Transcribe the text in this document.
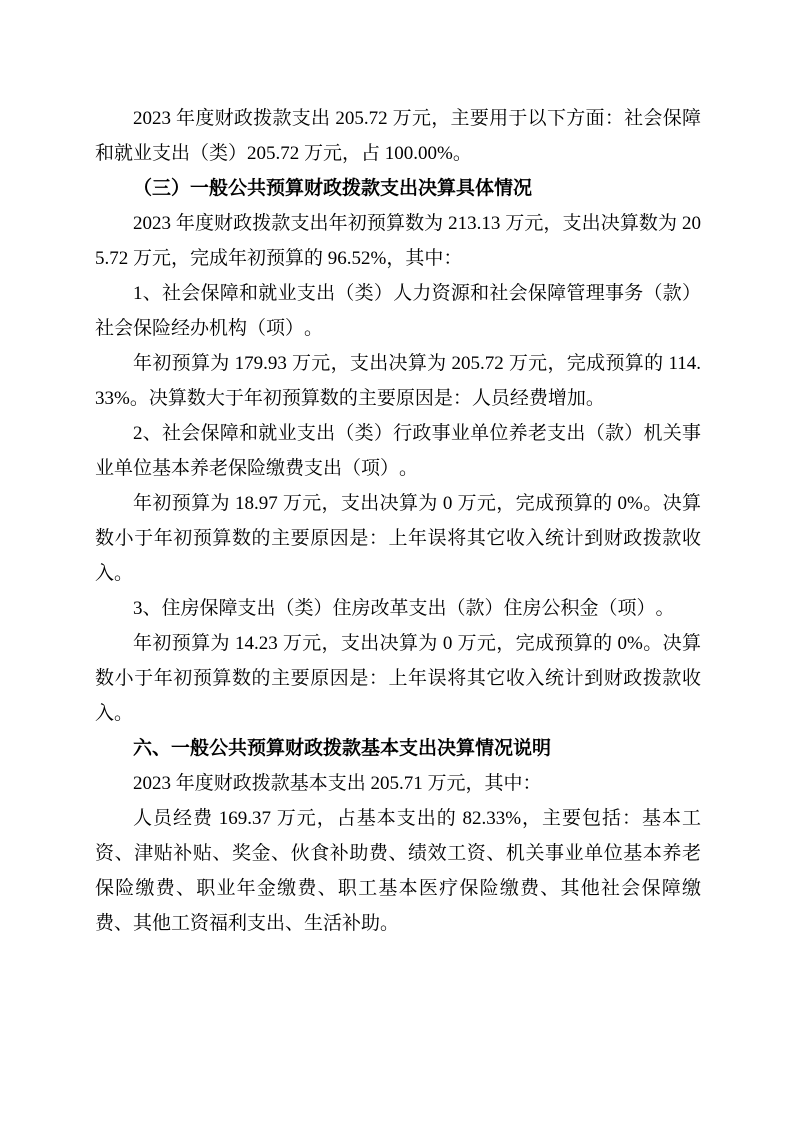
2023 年度财政拨款支出 205.72 万元，主要用于以下方面：社会保障和就业支出（类）205.72 万元，占 100.00%。

（三）一般公共预算财政拨款支出决算具体情况

2023 年度财政拨款支出年初预算数为 213.13 万元，支出决算数为 205.72 万元，完成年初预算的 96.52%，其中：

1、社会保障和就业支出（类）人力资源和社会保障管理事务（款）社会保险经办机构（项）。

年初预算为 179.93 万元，支出决算为 205.72 万元，完成预算的 114.33%。决算数大于年初预算数的主要原因是：人员经费增加。

2、社会保障和就业支出（类）行政事业单位养老支出（款）机关事业单位基本养老保险缴费支出（项）。

年初预算为 18.97 万元，支出决算为 0 万元，完成预算的 0%。决算数小于年初预算数的主要原因是：上年误将其它收入统计到财政拨款收入。

3、住房保障支出（类）住房改革支出（款）住房公积金（项）。

年初预算为 14.23 万元，支出决算为 0 万元，完成预算的 0%。决算数小于年初预算数的主要原因是：上年误将其它收入统计到财政拨款收入。

六、一般公共预算财政拨款基本支出决算情况说明

2023 年度财政拨款基本支出 205.71 万元，其中：

人员经费 169.37 万元，占基本支出的 82.33%，主要包括：基本工资、津贴补贴、奖金、伙食补助费、绩效工资、机关事业单位基本养老保险缴费、职业年金缴费、职工基本医疗保险缴费、其他社会保障缴费、其他工资福利支出、生活补助。
